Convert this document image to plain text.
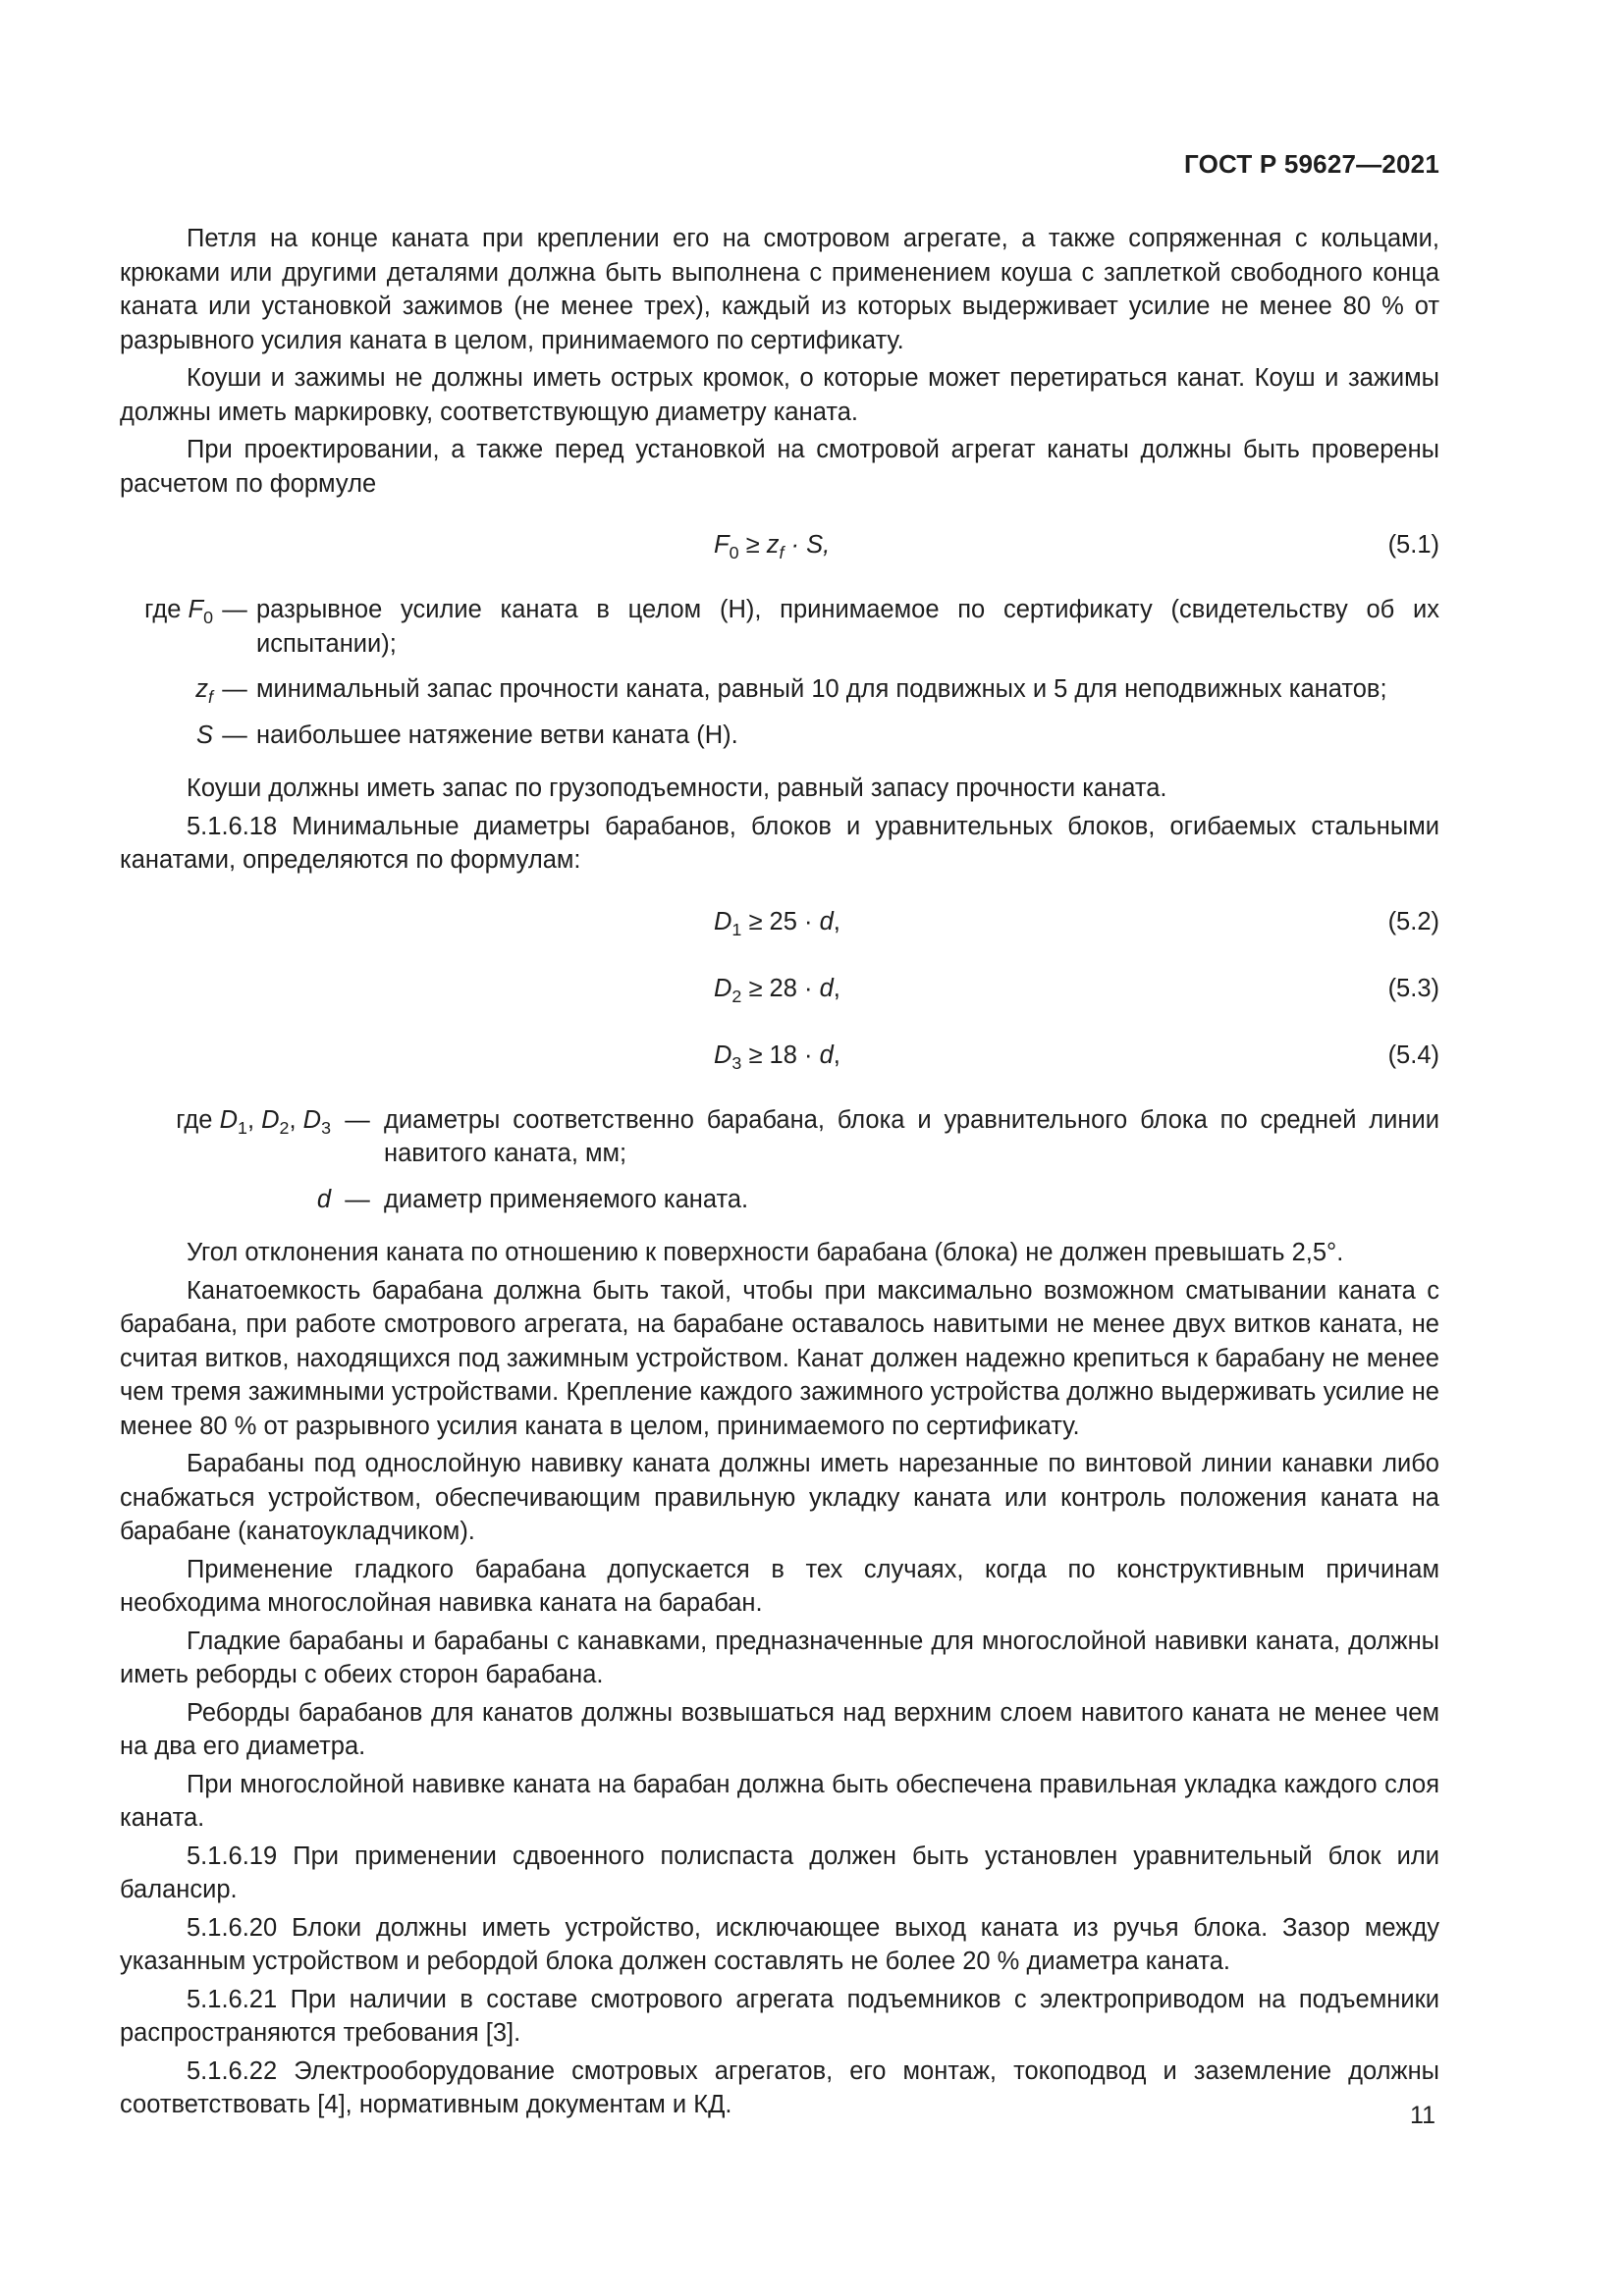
ГОСТ Р 59627—2021

Петля на конце каната при креплении его на смотровом агрегате, а также сопряженная с кольцами, крюками или другими деталями должна быть выполнена с применением коуша с заплеткой свободного конца каната или установкой зажимов (не менее трех), каждый из которых выдерживает усилие не менее 80 % от разрывного усилия каната в целом, принимаемого по сертификату.

Коуши и зажимы не должны иметь острых кромок, о которые может перетираться канат. Коуш и зажимы должны иметь маркировку, соответствующую диаметру каната.

При проектировании, а также перед установкой на смотровой агрегат канаты должны быть проверены расчетом по формуле

$F_0 \ge z_f \cdot S$,	(5.1)
где $F_0$ — разрывное усилие каната в целом (Н), принимаемое по сертификату (свидетельству об их испытании);
$z_f$ — минимальный запас прочности каната, равный 10 для подвижных и 5 для неподвижных канатов;
S — наибольшее натяжение ветви каната (Н).

Коуши должны иметь запас по грузоподъемности, равный запасу прочности каната.

5.1.6.18 Минимальные диаметры барабанов, блоков и уравнительных блоков, огибаемых стальными канатами, определяются по формулам:

$D_1 \ge 25 \cdot d$,	(5.2)
$D_2 \ge 28 \cdot d$,	(5.3)
$D_3 \ge 18 \cdot d$,	(5.4)
где $D_1$, $D_2$, $D_3$ — диаметры соответственно барабана, блока и уравнительного блока по средней линии навитого каната, мм;
d — диаметр применяемого каната.

Угол отклонения каната по отношению к поверхности барабана (блока) не должен превышать 2,5°.

Канатоемкость барабана должна быть такой, чтобы при максимально возможном сматывании каната с барабана, при работе смотрового агрегата, на барабане оставалось навитыми не менее двух витков каната, не считая витков, находящихся под зажимным устройством. Канат должен надежно крепиться к барабану не менее чем тремя зажимными устройствами. Крепление каждого зажимного устройства должно выдерживать усилие не менее 80 % от разрывного усилия каната в целом, принимаемого по сертификату.

Барабаны под однослойную навивку каната должны иметь нарезанные по винтовой линии канавки либо снабжаться устройством, обеспечивающим правильную укладку каната или контроль положения каната на барабане (канатоукладчиком).

Применение гладкого барабана допускается в тех случаях, когда по конструктивным причинам необходима многослойная навивка каната на барабан.

Гладкие барабаны и барабаны с канавками, предназначенные для многослойной навивки каната, должны иметь реборды с обеих сторон барабана.

Реборды барабанов для канатов должны возвышаться над верхним слоем навитого каната не менее чем на два его диаметра.

При многослойной навивке каната на барабан должна быть обеспечена правильная укладка каждого слоя каната.

5.1.6.19 При применении сдвоенного полиспаста должен быть установлен уравнительный блок или балансир.

5.1.6.20 Блоки должны иметь устройство, исключающее выход каната из ручья блока. Зазор между указанным устройством и ребордой блока должен составлять не более 20 % диаметра каната.

5.1.6.21 При наличии в составе смотрового агрегата подъемников с электроприводом на подъемники распространяются требования [3].

5.1.6.22 Электрооборудование смотровых агрегатов, его монтаж, токоподвод и заземление должны соответствовать [4], нормативным документам и КД.	11
